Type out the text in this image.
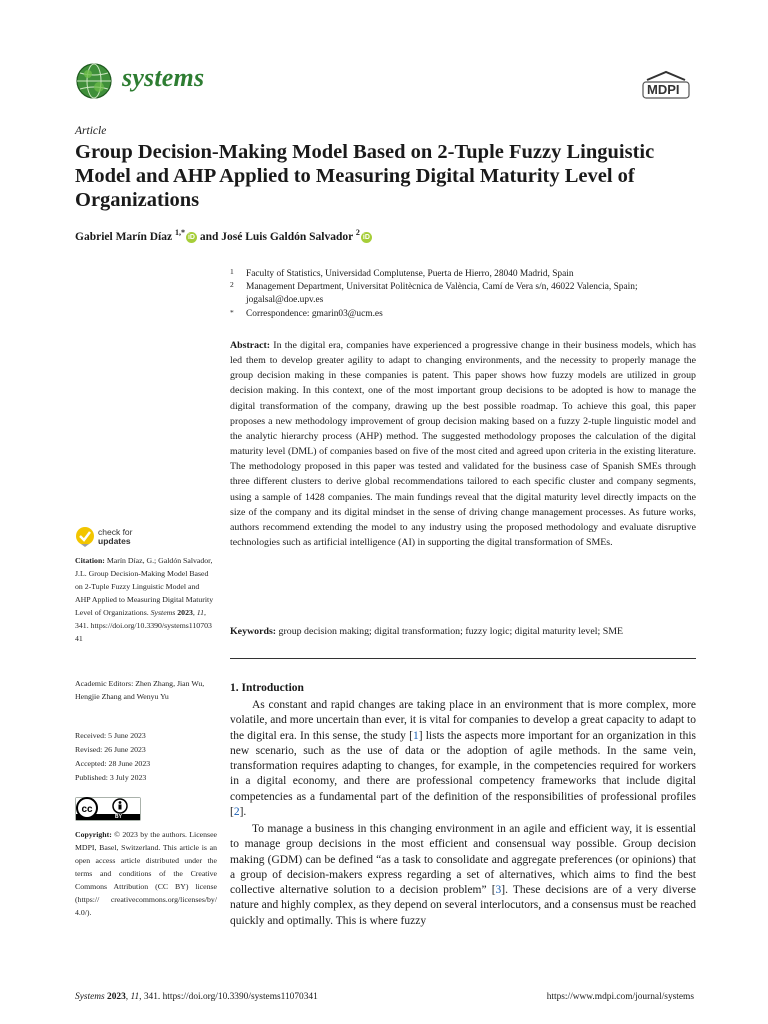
systems	MDPI
Article
Group Decision-Making Model Based on 2-Tuple Fuzzy Linguistic Model and AHP Applied to Measuring Digital Maturity Level of Organizations
Gabriel Marín Díaz $^{1,*}$iD and José Luis Galdón Salvador $^2$iD
1 Faculty of Statistics, Universidad Complutense, Puerta de Hierro, 28040 Madrid, Spain
2 Management Department, Universitat Politècnica de València, Camí de Vera s/n, 46022 Valencia, Spain;
jogalsal@doe.upv.es
* Correspondence: gmarin03@ucm.es
Abstract: In the digital era, companies have experienced a progressive change in their business models, which has led them to develop greater agility to adapt to changing environments, and the necessity to properly manage the group decision making in these companies is patent. This paper shows how fuzzy models are utilized in group decision making. In this context, one of the most important group decisions to be adopted is how to manage the digital transformation of the company, drawing up the best possible roadmap. To achieve this goal, this paper proposes a new methodology improvement of group decision making based on a fuzzy 2-tuple linguistic model and the analytic hierarchy process (AHP) method. The suggested methodology proposes the calculation of the digital maturity level (DML) of companies based on five of the most cited and agreed upon criteria in the existing literature. The methodology proposed in this paper was tested and validated for the business case of Spanish SMEs through three different clusters to derive global recommendations tailored to each specific cluster and company segments, using a sample of 1428 companies. The main fundings reveal that the digital maturity level directly impacts on the size of the company and its digital mindset in the sense of driving change management processes. As future works, authors recommend extending the model to any industry using the proposed methodology and evaluate disruptive technologies such as artificial intelligence (AI) in supporting the digital transformation of SMEs.
Keywords: group decision making; digital transformation; fuzzy logic; digital maturity level; SME
check for
updates
Citation: Marín Díaz, G.; Galdón Salvador, J.L. Group Decision-Making Model Based on 2-Tuple Fuzzy Linguistic Model and AHP Applied to Measuring Digital Maturity Level of Organizations. Systems 2023, 11, 341. https://doi.org/10.3390/systems11070341
Academic Editors: Zhen Zhang, Jian Wu, Hengjie Zhang and Wenyu Yu
Received: 5 June 2023
Revised: 26 June 2023
Accepted: 28 June 2023
Published: 3 July 2023
cc
BY
Copyright: © 2023 by the authors. Licensee MDPI, Basel, Switzerland. This article is an open access article distributed under the terms and conditions of the Creative Commons Attribution (CC BY) license (https:// creativecommons.org/licenses/by/ 4.0/).
1. Introduction
As constant and rapid changes are taking place in an environment that is more complex, more volatile, and more uncertain than ever, it is vital for companies to develop a great capacity to adapt to the digital era. In this sense, the study [1] lists the aspects more important for an organization in this new scenario, such as the use of data or the adoption of agile methods. In the same vein, transformation requires adapting to changes, for example, in the competencies required for workers in a digital economy, and there are professional competency frameworks that include digital competencies as a fundamental part of the definition of the responsibilities of professional profiles [2].
To manage a business in this changing environment in an agile and efficient way, it is essential to manage group decisions in the most efficient and consensual way possible. Group decision making (GDM) can be defined “as a task to consolidate and aggregate preferences (or opinions) that a group of decision-makers express regarding a set of alternatives, which aims to find the best collective alternative solution to a decision problem” [3]. These decisions are of a very diverse nature and highly complex, as they depend on several interlocutors, and a consensus must be reached quickly and optimally. This is where fuzzy
Systems 2023, 11, 341. https://doi.org/10.3390/systems11070341	https://www.mdpi.com/journal/systems
